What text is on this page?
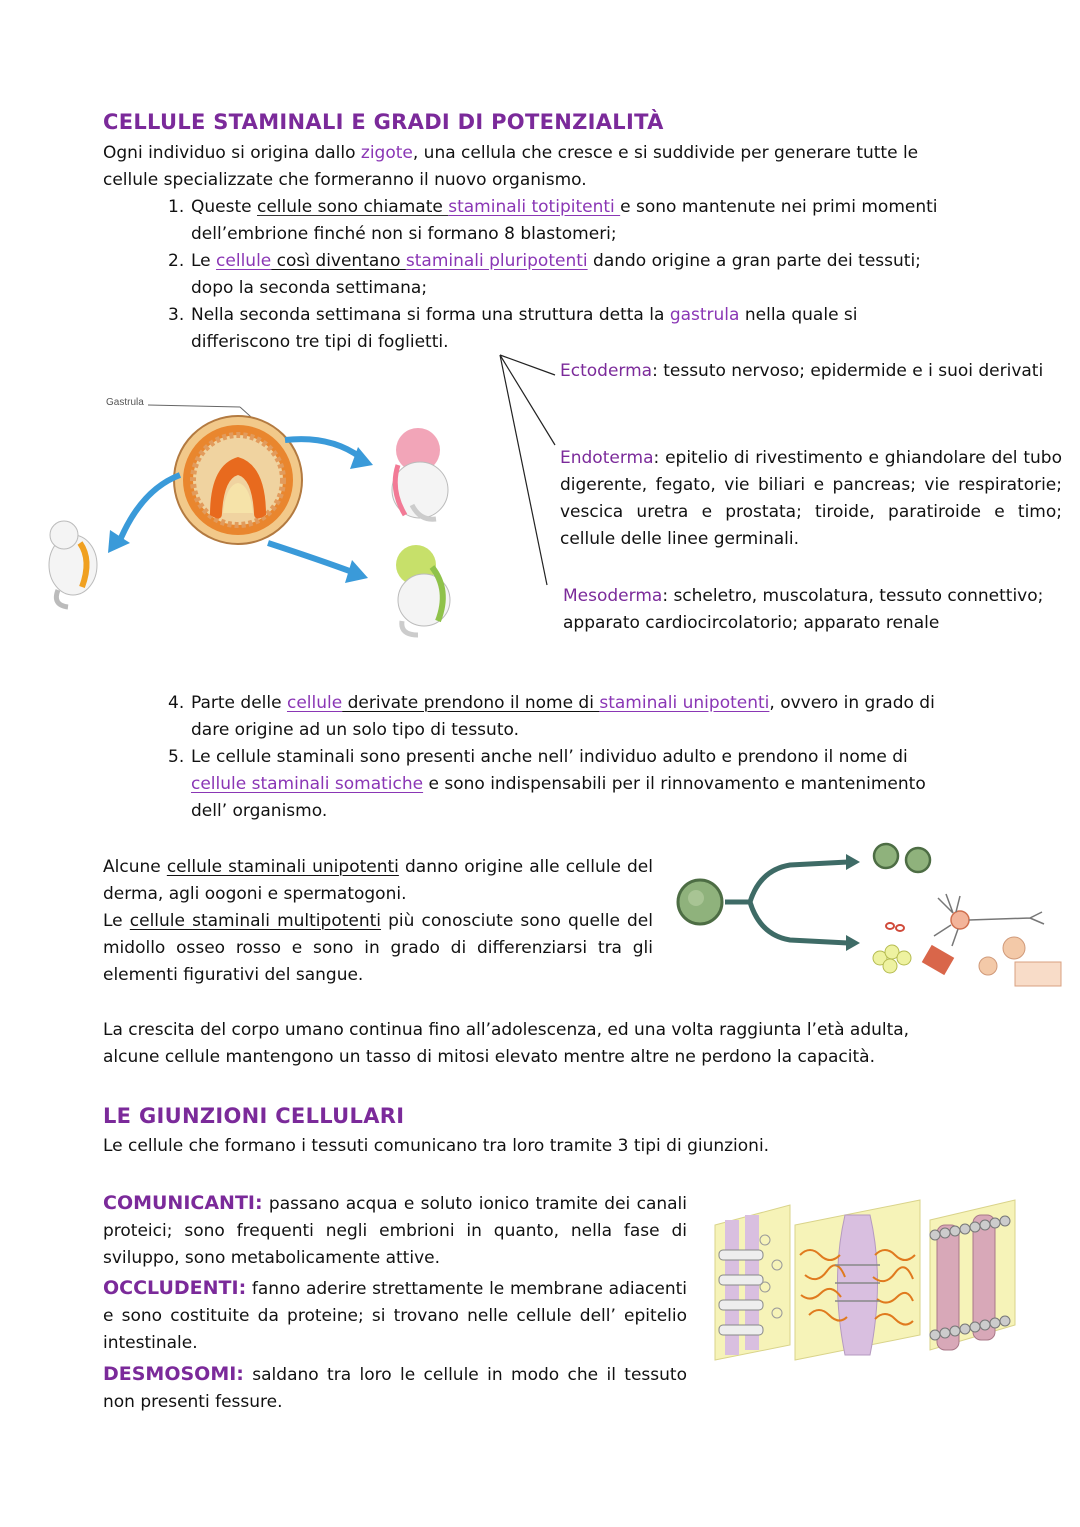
CELLULE STAMINALI E GRADI DI POTENZIALITÀ
Ogni individuo si origina dallo zigote, una cellula che cresce e si suddivide per generare tutte le
cellule specializzate che formeranno il nuovo organismo.
1. Queste cellule sono chiamate staminali totipitenti e sono mantenute nei primi momenti
dell’embrione finché non si formano 8 blastomeri;
2. Le cellule così diventano staminali pluripotenti dando origine a gran parte dei tessuti;
dopo la seconda settimana;
3. Nella seconda settimana si forma una struttura detta la gastrula nella quale si
differiscono tre tipi di foglietti.
Gastrula
Ectoderma: tessuto nervoso; epidermide e i suoi derivati
Endoterma: epitelio di rivestimento e ghiandolare del tubo digerente, fegato, vie biliari e pancreas; vie respiratorie; vescica uretra e prostata; tiroide, paratiroide e timo; cellule delle linee germinali.
Mesoderma: scheletro, muscolatura, tessuto connettivo; apparato cardiocircolatorio; apparato renale
4. Parte delle cellule derivate prendono il nome di staminali unipotenti, ovvero in grado di
dare origine ad un solo tipo di tessuto.
5. Le cellule staminali sono presenti anche nell’ individuo adulto e prendono il nome di
cellule staminali somatiche e sono indispensabili per il rinnovamento e mantenimento
dell’ organismo.
Alcune cellule staminali unipotenti danno origine alle cellule del derma, agli oogoni e spermatogoni.
Le cellule staminali multipotenti più conosciute sono quelle del midollo osseo rosso e sono in grado di differenziarsi tra gli elementi figurativi del sangue.
La crescita del corpo umano continua fino all’adolescenza, ed una volta raggiunta l’età adulta,
alcune cellule mantengono un tasso di mitosi elevato mentre altre ne perdono la capacità.
LE GIUNZIONI CELLULARI
Le cellule che formano i tessuti comunicano tra loro tramite 3 tipi di giunzioni.
COMUNICANTI: passano acqua e soluto ionico tramite dei canali proteici; sono frequenti negli embrioni in quanto, nella fase di sviluppo, sono metabolicamente attive.
OCCLUDENTI: fanno aderire strettamente le membrane adiacenti e sono costituite da proteine; si trovano nelle cellule dell’ epitelio intestinale.
DESMOSOMI: saldano tra loro le cellule in modo che il tessuto non presenti fessure.
